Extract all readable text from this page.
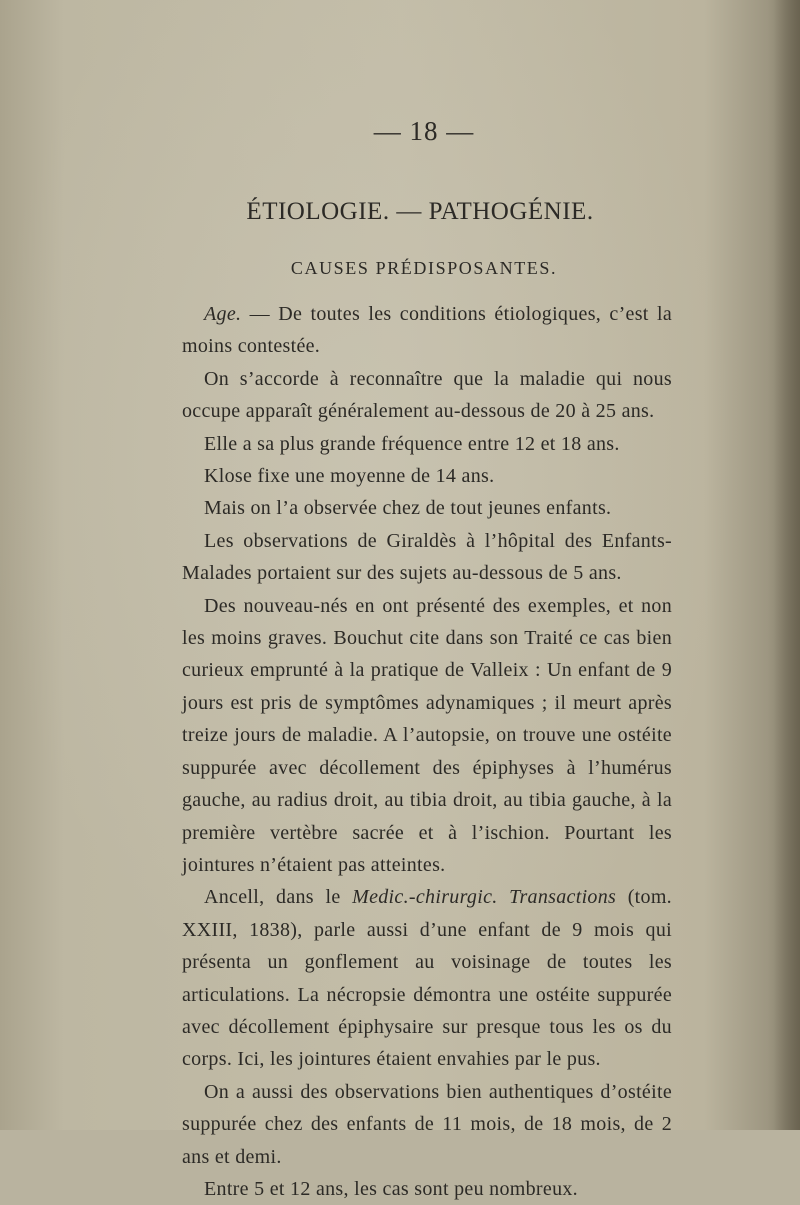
— 18 —
ÉTIOLOGIE. — PATHOGÉNIE.
CAUSES PRÉDISPOSANTES.

Age. — De toutes les conditions étiologiques, c’est la moins contestée.

On s’accorde à reconnaître que la maladie qui nous occupe apparaît généralement au-dessous de 20 à 25 ans.

Elle a sa plus grande fréquence entre 12 et 18 ans.

Klose fixe une moyenne de 14 ans.

Mais on l’a observée chez de tout jeunes enfants.

Les observations de Giraldès à l’hôpital des Enfants-Malades portaient sur des sujets au-dessous de 5 ans.

Des nouveau-nés en ont présenté des exemples, et non les moins graves. Bouchut cite dans son Traité ce cas bien curieux emprunté à la pratique de Valleix : Un enfant de 9 jours est pris de symptômes adynamiques ; il meurt après treize jours de maladie. A l’autopsie, on trouve une ostéite suppurée avec décollement des épiphyses à l’humérus gauche, au radius droit, au tibia droit, au tibia gauche, à la première vertèbre sacrée et à l’ischion. Pourtant les jointures n’étaient pas atteintes.

Ancell, dans le Medic.-chirurgic. Transactions (tom. XXIII, 1838), parle aussi d’une enfant de 9 mois qui présenta un gonflement au voisinage de toutes les articulations. La nécropsie démontra une ostéite suppurée avec décollement épiphysaire sur presque tous les os du corps. Ici, les jointures étaient envahies par le pus.

On a aussi des observations bien authentiques d’ostéite suppurée chez des enfants de 11 mois, de 18 mois, de 2 ans et demi.

Entre 5 et 12 ans, les cas sont peu nombreux.
